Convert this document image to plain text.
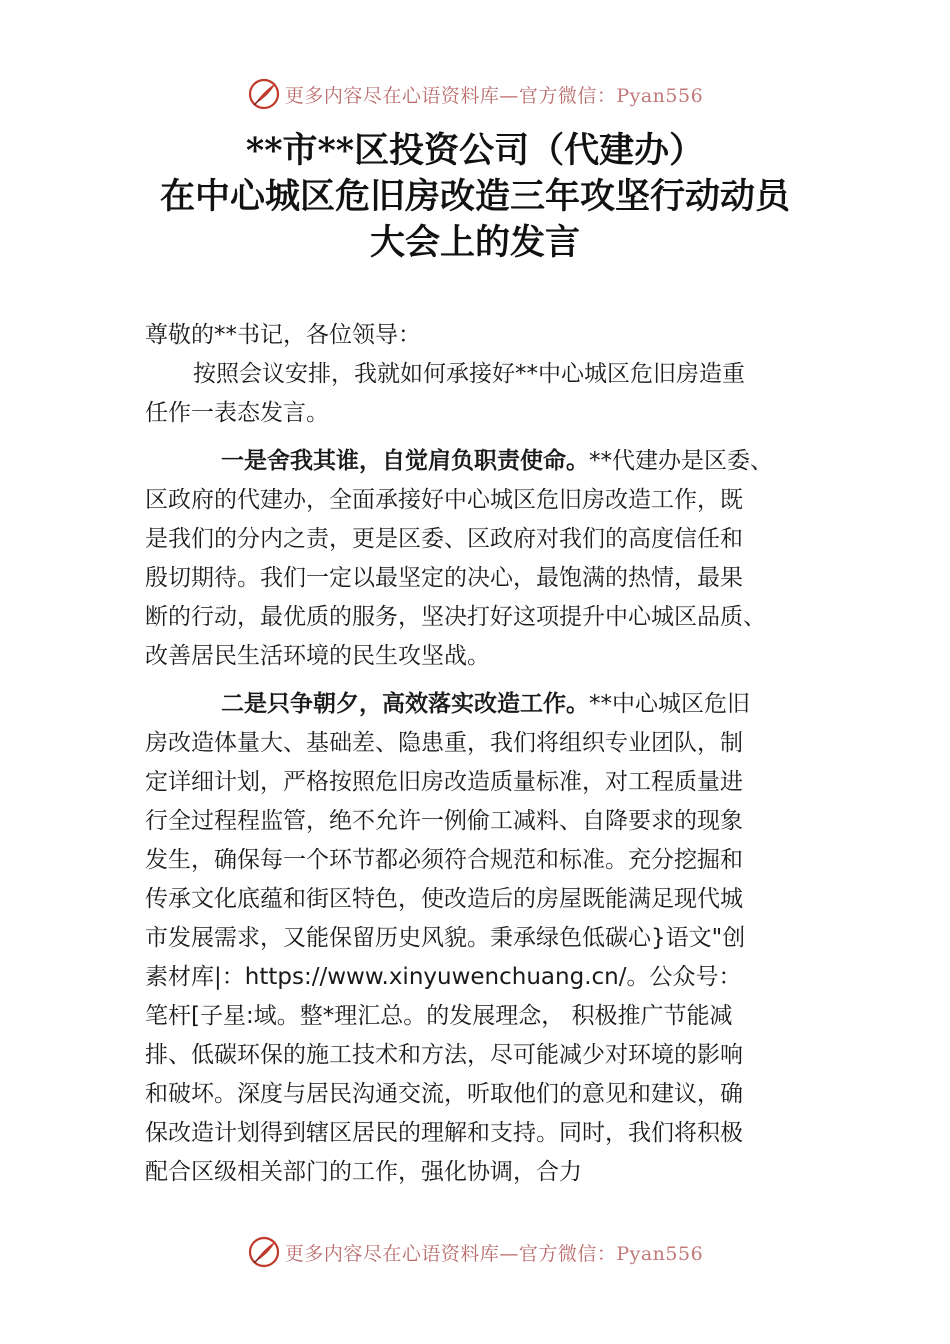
更多内容尽在心语资料库—官方微信：Pyan556
**市**区投资公司（代建办）
在中心城区危旧房改造三年攻坚行动动员
大会上的发言

尊敬的**书记，各位领导：

按照会议安排，我就如何承接好**中心城区危旧房造重
任作一表态发言。

一是舍我其谁，自觉肩负职责使命。**代建办是区委、
区政府的代建办，全面承接好中心城区危旧房改造工作，既
是我们的分内之责，更是区委、区政府对我们的高度信任和
殷切期待。我们一定以最坚定的决心，最饱满的热情，最果
断的行动，最优质的服务，坚决打好这项提升中心城区品质、
改善居民生活环境的民生攻坚战。

二是只争朝夕，高效落实改造工作。**中心城区危旧
房改造体量大、基础差、隐患重，我们将组织专业团队，制
定详细计划，严格按照危旧房改造质量标准，对工程质量进
行全过程程监管，绝不允许一例偷工减料、自降要求的现象
发生，确保每一个环节都必须符合规范和标准。充分挖掘和
传承文化底蕴和街区特色，使改造后的房屋既能满足现代城
市发展需求，又能保留历史风貌。秉承绿色低碳心}语文"创
素材库|：https://www.xinyuwenchuang.cn/。公众号：
笔杆[子星:域。整*理汇总。的发展理念， 积极推广节能减
排、低碳环保的施工技术和方法，尽可能减少对环境的影响
和破坏。深度与居民沟通交流，听取他们的意见和建议，确
保改造计划得到辖区居民的理解和支持。同时，我们将积极
配合区级相关部门的工作，强化协调，合力

更多内容尽在心语资料库—官方微信：Pyan556
